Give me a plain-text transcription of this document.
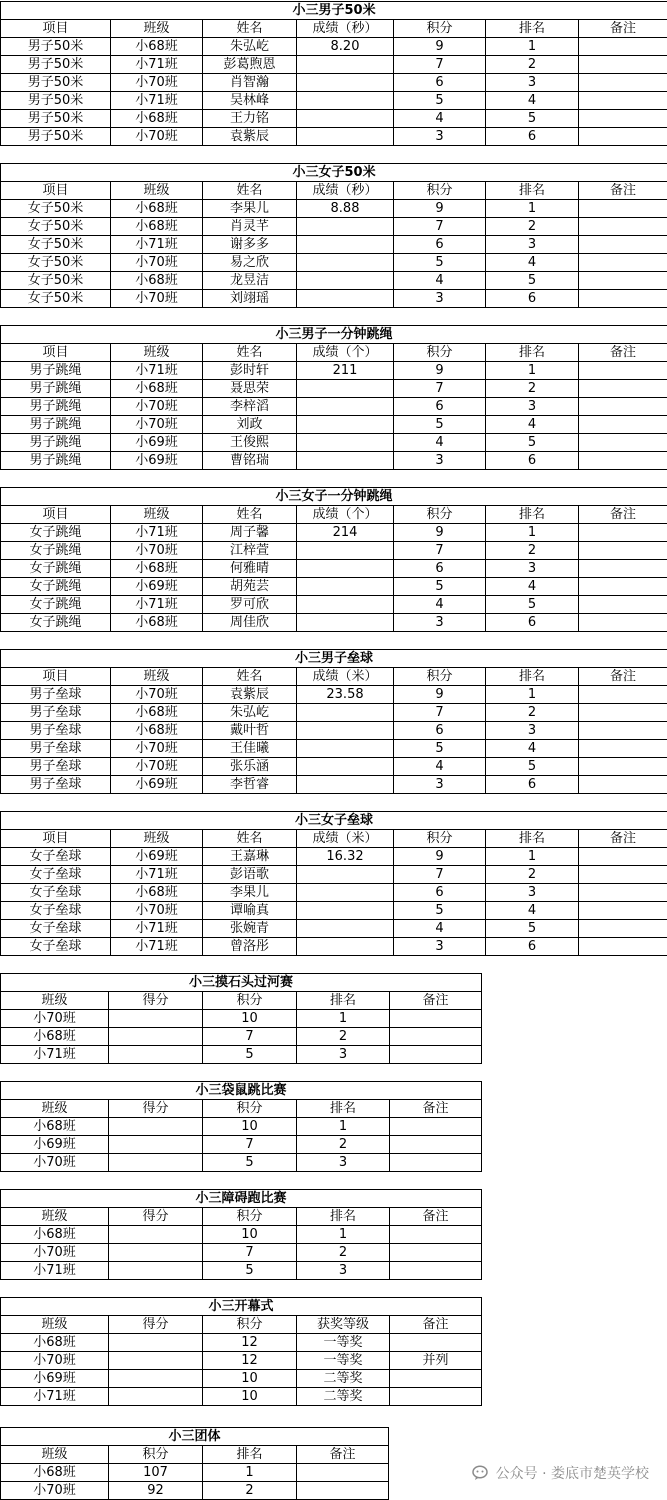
小三男子50米						
项目	班级	姓名	成绩（秒）	积分	排名	备注
男子50米	小68班	朱弘屹	8.20	9	1	
男子50米	小71班	彭葛煦恩		7	2	
男子50米	小70班	肖智瀚		6	3	
男子50米	小71班	吴林峰		5	4	
男子50米	小68班	王力铭		4	5	
男子50米	小70班	袁紫辰		3	6	
小三女子50米						
项目	班级	姓名	成绩（秒）	积分	排名	备注
女子50米	小68班	李果儿	8.88	9	1	
女子50米	小68班	肖灵芊		7	2	
女子50米	小71班	谢多多		6	3	
女子50米	小70班	易之欣		5	4	
女子50米	小68班	龙昱洁		4	5	
女子50米	小70班	刘翊瑶		3	6	
小三男子一分钟跳绳						
项目	班级	姓名	成绩（个）	积分	排名	备注
男子跳绳	小71班	彭时轩	211	9	1	
男子跳绳	小68班	聂思荣		7	2	
男子跳绳	小70班	李梓滔		6	3	
男子跳绳	小70班	刘政		5	4	
男子跳绳	小69班	王俊熙		4	5	
男子跳绳	小69班	曹铭瑞		3	6	
小三女子一分钟跳绳						
项目	班级	姓名	成绩（个）	积分	排名	备注
女子跳绳	小71班	周子馨	214	9	1	
女子跳绳	小70班	江梓萱		7	2	
女子跳绳	小68班	何雅晴		6	3	
女子跳绳	小69班	胡苑芸		5	4	
女子跳绳	小71班	罗可欣		4	5	
女子跳绳	小68班	周佳欣		3	6	
小三男子垒球						
项目	班级	姓名	成绩（米）	积分	排名	备注
男子垒球	小70班	袁紫辰	23.58	9	1	
男子垒球	小68班	朱弘屹		7	2	
男子垒球	小68班	戴叶哲		6	3	
男子垒球	小70班	王佳曦		5	4	
男子垒球	小70班	张乐涵		4	5	
男子垒球	小69班	李哲睿		3	6	
小三女子垒球						
项目	班级	姓名	成绩（米）	积分	排名	备注
女子垒球	小69班	王嘉琳	16.32	9	1	
女子垒球	小71班	彭语歌		7	2	
女子垒球	小68班	李果儿		6	3	
女子垒球	小70班	谭喻真		5	4	
女子垒球	小71班	张婉青		4	5	
女子垒球	小71班	曾洛彤		3	6	
小三摸石头过河赛				
班级	得分	积分	排名	备注
小70班		10	1	
小68班		7	2	
小71班		5	3	
小三袋鼠跳比赛				
班级	得分	积分	排名	备注
小68班		10	1	
小69班		7	2	
小70班		5	3	
小三障碍跑比赛				
班级	得分	积分	排名	备注
小68班		10	1	
小70班		7	2	
小71班		5	3	
小三开幕式				
班级	得分	积分	获奖等级	备注
小68班		12	一等奖	
小70班		12	一等奖	并列
小69班		10	二等奖	
小71班		10	二等奖	
小三团体			
班级	积分	排名	备注
小68班	107	1	
小70班	92	2	
公众号 · 娄底市楚英学校
